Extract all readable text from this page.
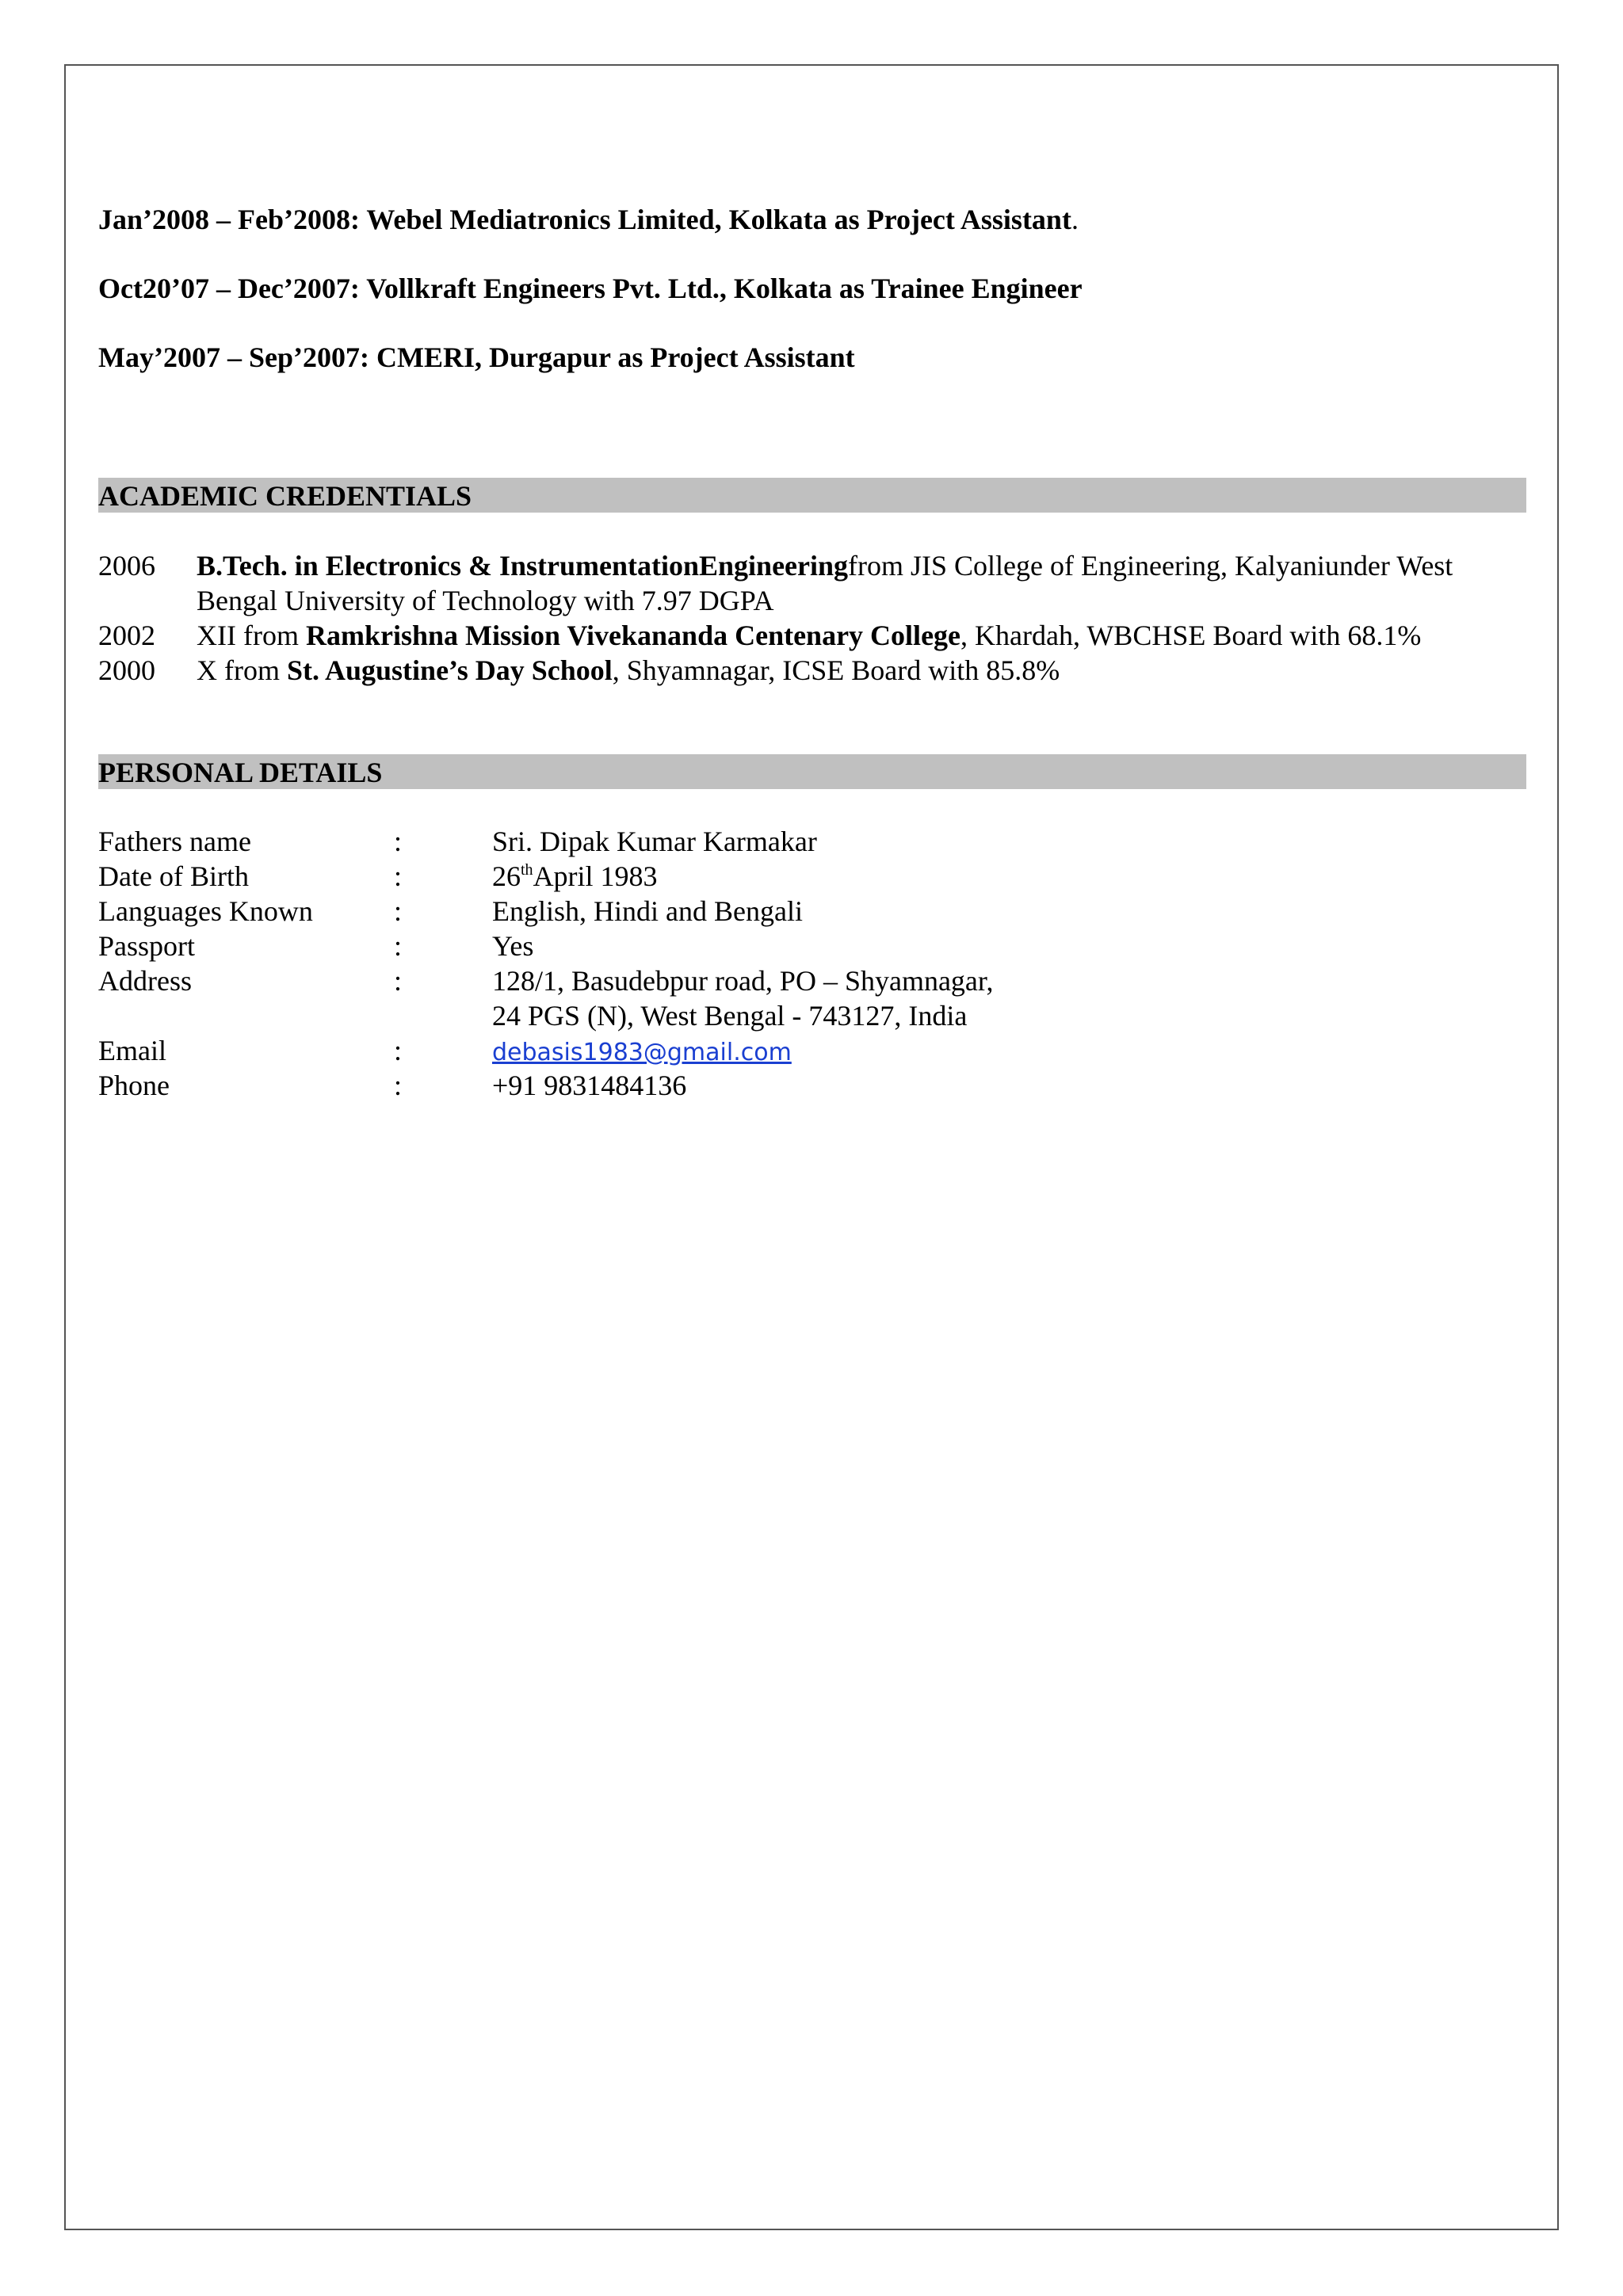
Jan’2008 – Feb’2008: Webel Mediatronics Limited, Kolkata as Project Assistant.
Oct20’07 – Dec’2007: Vollkraft Engineers Pvt. Ltd., Kolkata as Trainee Engineer
May’2007 – Sep’2007: CMERI, Durgapur as Project Assistant
ACADEMIC CREDENTIALS
2006 B.Tech. in Electronics & InstrumentationEngineeringfrom JIS College of Engineering, Kalyaniunder West Bengal University of Technology with 7.97 DGPA
2002 XII from Ramkrishna Mission Vivekananda Centenary College, Khardah, WBCHSE Board with 68.1%
2000 X from St. Augustine’s Day School, Shyamnagar, ICSE Board with 85.8%
PERSONAL DETAILS
Fathers name	:	Sri. Dipak Kumar Karmakar
Date of Birth	:	26thApril 1983
Languages Known	:	English, Hindi and Bengali
Passport	:	Yes
Address	:	128/1, Basudebpur road, PO – Shyamnagar,
24 PGS (N), West Bengal - 743127, India
Email	:	debasis1983@gmail.com
Phone	:	+91 9831484136
